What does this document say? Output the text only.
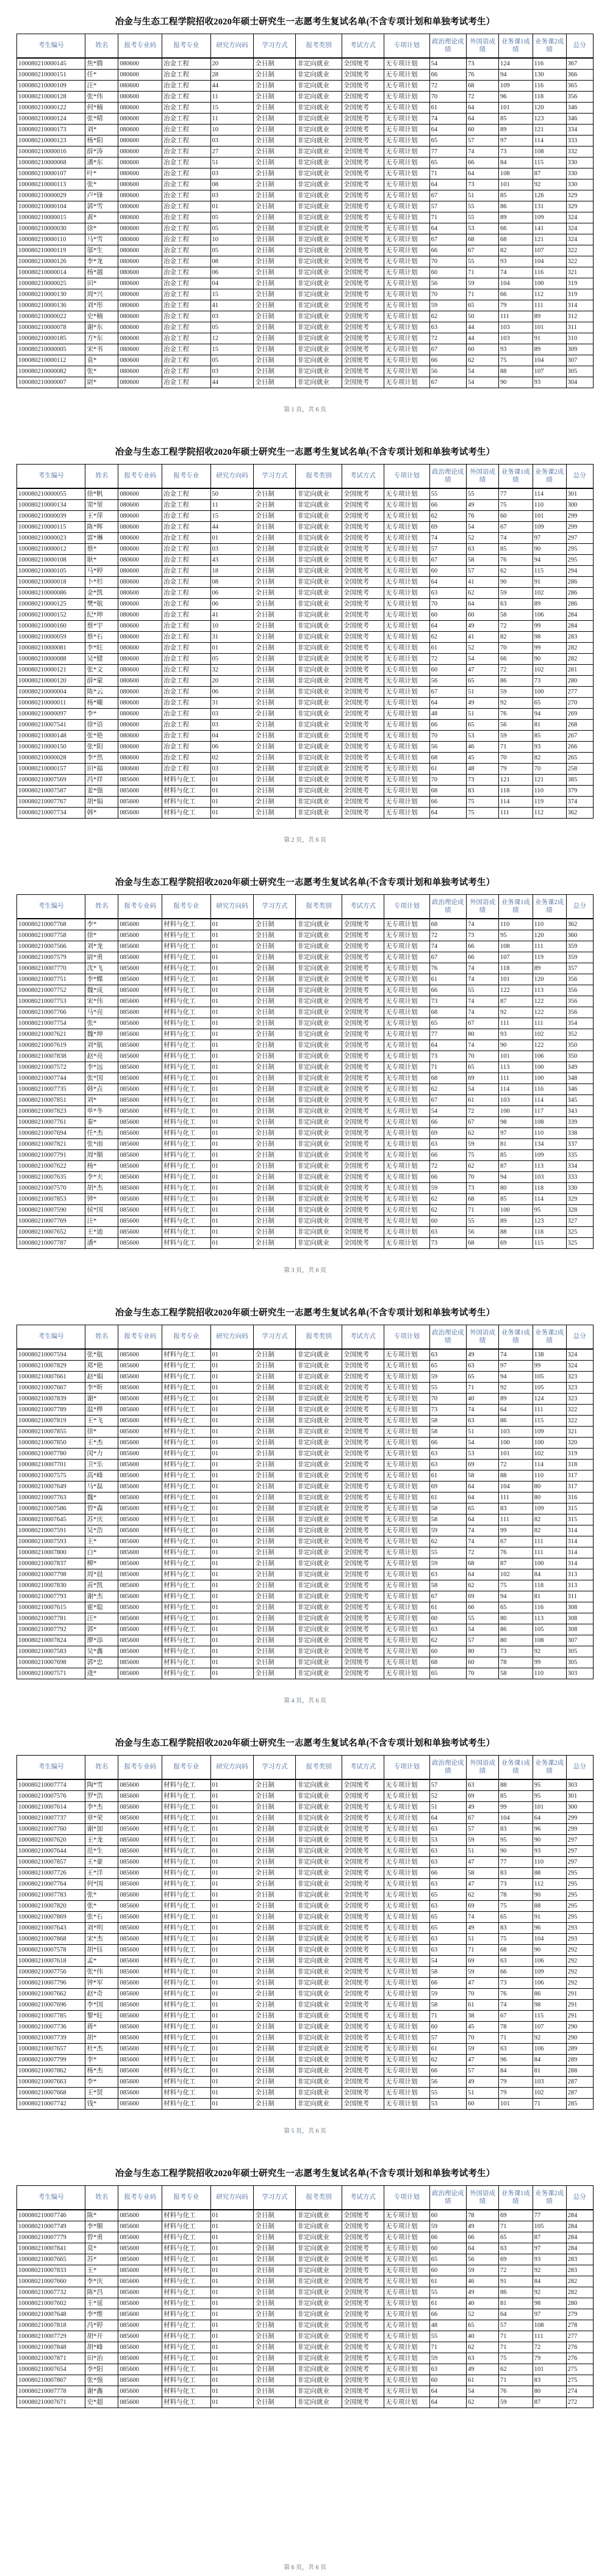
冶金与生态工程学院招收2020年硕士研究生一志愿考生复试名单(不含专项计划和单独考试考生）
考生编号	姓名	报考专业码	报考专业	研究方向码	学习方式	报考类别	考试方式	专项计划	政治理论成绩	外国语成绩	业务课1成绩	业务课2成绩	总分
100080210000145	焦*腾	080600	冶金工程	20	全日制	非定向就业	全国统考	无专项计划	54	73	124	116	367
100080210000151	任*	080600	冶金工程	28	全日制	非定向就业	全国统考	无专项计划	66	76	94	130	366
100080210000109	汪*	080600	冶金工程	44	全日制	非定向就业	全国统考	无专项计划	72	68	109	116	365
100080210000128	张*伟	080600	冶金工程	11	全日制	非定向就业	全国统考	无专项计划	70	72	96	118	356
100080210000122	何*楠	080600	冶金工程	15	全日制	非定向就业	全国统考	无专项计划	61	64	101	120	346
100080210000124	张*晴	080600	冶金工程	11	全日制	非定向就业	全国统考	无专项计划	74	64	85	123	346
100080210000173	刘*	080600	冶金工程	10	全日制	非定向就业	全国统考	无专项计划	64	60	89	121	334
100080210000123	杨*阳	080600	冶金工程	03	全日制	非定向就业	全国统考	无专项计划	65	57	97	114	333
100080210000016	薛*涛	080600	冶金工程	27	全日制	非定向就业	全国统考	无专项计划	77	74	73	108	332
100080210000068	潘*东	080600	冶金工程	51	全日制	非定向就业	全国统考	无专项计划	65	66	84	115	330
100080210000107	叶*	080600	冶金工程	03	全日制	非定向就业	全国统考	无专项计划	71	64	108	87	330
100080210000113	张*	080600	冶金工程	08	全日制	非定向就业	全国统考	无专项计划	64	73	101	92	330
100080210000029	卢*锋	080600	冶金工程	03	全日制	非定向就业	全国统考	无专项计划	67	51	85	126	329
100080210000104	郭*雪	080600	冶金工程	01	全日制	非定向就业	全国统考	无专项计划	57	55	86	131	329
100080210000015	黄*	080600	冶金工程	05	全日制	非定向就业	全国统考	无专项计划	71	55	89	109	324
100080210000030	徐*	080600	冶金工程	05	全日制	非定向就业	全国统考	无专项计划	64	53	66	141	324
100080210000110	马*雪	080600	冶金工程	10	全日制	非定向就业	全国统考	无专项计划	67	68	68	121	324
100080210000119	邬*生	080600	冶金工程	05	全日制	非定向就业	全国统考	无专项计划	66	67	82	107	322
100080210000126	李*龙	080600	冶金工程	08	全日制	非定向就业	全国统考	无专项计划	70	55	93	104	322
100080210000014	杨*越	080600	冶金工程	06	全日制	非定向就业	全国统考	无专项计划	60	71	74	116	321
100080210000025	田*	080600	冶金工程	04	全日制	非定向就业	全国统考	无专项计划	56	59	104	100	319
100080210000130	周*兴	080600	冶金工程	15	全日制	非定向就业	全国统考	无专项计划	70	71	66	112	319
100080210000136	刘*彤	080600	冶金工程	41	全日制	非定向就业	全国统考	无专项计划	59	65	79	111	314
100080210000022	史*楠	080600	冶金工程	03	全日制	非定向就业	全国统考	无专项计划	62	50	111	89	312
100080210000078	谢*东	080600	冶金工程	05	全日制	非定向就业	全国统考	无专项计划	63	44	103	101	311
100080210000185	方*东	080600	冶金工程	12	全日制	非定向就业	全国统考	无专项计划	72	44	103	91	310
100080210000005	宋*书	080600	冶金工程	15	全日制	非定向就业	全国统考	无专项计划	67	60	93	89	309
100080210000112	袁*	080600	冶金工程	05	全日制	非定向就业	全国统考	无专项计划	66	62	75	104	307
100080210000082	张*	080600	冶金工程	03	全日制	非定向就业	全国统考	无专项计划	56	54	88	107	305
100080210000007	尉*	080600	冶金工程	44	全日制	非定向就业	全国统考	无专项计划	67	54	90	93	304
第 1 页，共 6 页
冶金与生态工程学院招收2020年硕士研究生一志愿考生复试名单(不含专项计划和单独考试考生）
考生编号	姓名	报考专业码	报考专业	研究方向码	学习方式	报考类别	考试方式	专项计划	政治理论成绩	外国语成绩	业务课1成绩	业务课2成绩	总分
100080210000055	徐*帆	080600	冶金工程	50	全日制	非定向就业	全国统考	无专项计划	55	55	77	114	301
100080210000134	窦*堃	080600	冶金工程	11	全日制	非定向就业	全国统考	无专项计划	66	49	75	110	300
100080210000039	王*萍	080600	冶金工程	15	全日制	非定向就业	全国统考	无专项计划	62	76	60	101	299
100080210000115	陈*晖	080600	冶金工程	44	全日制	非定向就业	全国统考	无专项计划	69	54	67	109	299
100080210000023	雷*琳	080600	冶金工程	01	全日制	非定向就业	全国统考	无专项计划	74	52	74	97	297
100080210000012	蔡*	080600	冶金工程	03	全日制	非定向就业	全国统考	无专项计划	57	63	85	90	295
100080210000108	耿*	080600	冶金工程	43	全日制	非定向就业	全国统考	无专项计划	67	58	76	94	295
100080210000105	马*婷	080600	冶金工程	18	全日制	非定向就业	全国统考	无专项计划	60	57	62	115	294
100080210000018	卜*杉	080600	冶金工程	08	全日制	非定向就业	全国统考	无专项计划	64	41	90	91	286
100080210000086	金*凯	080600	冶金工程	06	全日制	非定向就业	全国统考	无专项计划	63	62	59	102	286
100080210000125	樊*航	080600	冶金工程	06	全日制	非定向就业	全国统考	无专项计划	70	64	63	89	286
100080210000152	纪*坤	080600	冶金工程	41	全日制	非定向就业	全国统考	无专项计划	60	60	58	106	284
100080210000160	蔡*宇	080600	冶金工程	10	全日制	非定向就业	全国统考	无专项计划	64	49	72	99	284
100080210000059	蔡*石	080600	冶金工程	31	全日制	非定向就业	全国统考	无专项计划	62	41	82	98	283
100080210000081	李*旺	080600	冶金工程	01	全日制	非定向就业	全国统考	无专项计划	61	52	70	99	282
100080210000088	吴*健	080600	冶金工程	05	全日制	非定向就业	全国统考	无专项计划	72	54	66	90	282
100080210000121	张*文	080600	冶金工程	32	全日制	非定向就业	全国统考	无专项计划	60	47	72	102	281
100080210000120	薛*蒙	080600	冶金工程	20	全日制	非定向就业	全国统考	无专项计划	56	65	86	73	280
100080210000004	陈*云	080600	冶金工程	06	全日制	非定向就业	全国统考	无专项计划	67	51	59	100	277
100080210000011	杨*曦	080600	冶金工程	31	全日制	非定向就业	全国统考	无专项计划	64	49	92	65	270
100080210000097	李*	080600	冶金工程	03	全日制	非定向就业	全国统考	无专项计划	48	51	76	94	269
100080210007541	徐*语	080600	冶金工程	03	全日制	非定向就业	全国统考	无专项计划	66	65	56	81	268
100080210000148	张*艳	080600	冶金工程	04	全日制	非定向就业	全国统考	无专项计划	70	53	59	85	267
100080210000150	张*阳	080600	冶金工程	06	全日制	非定向就业	全国统考	无专项计划	56	46	71	93	266
100080210000028	李*然	080600	冶金工程	02	全日制	非定向就业	全国统考	无专项计划	68	45	70	82	265
100080210000157	田*福	080600	冶金工程	03	全日制	非定向就业	全国统考	无专项计划	61	48	79	70	258
100080210007569	冯*祥	085600	材料与化工	01	全日制	非定向就业	全国统考	无专项计划	70	73	121	121	385
100080210007587	姜*强	085600	材料与化工	01	全日制	非定向就业	全国统考	无专项计划	68	83	118	110	379
100080210007767	胡*娟	085600	材料与化工	01	全日制	非定向就业	全国统考	无专项计划	66	75	114	119	374
100080210007734	韩*	085600	材料与化工	01	全日制	非定向就业	全国统考	无专项计划	64	75	111	112	362
第 2 页，共 6 页
冶金与生态工程学院招收2020年硕士研究生一志愿考生复试名单(不含专项计划和单独考试考生）
考生编号	姓名	报考专业码	报考专业	研究方向码	学习方式	报考类别	考试方式	专项计划	政治理论成绩	外国语成绩	业务课1成绩	业务课2成绩	总分
100080210007768	李*	085600	材料与化工	01	全日制	非定向就业	全国统考	无专项计划	68	74	110	110	362
100080210007758	徐*	085600	材料与化工	01	全日制	非定向就业	全国统考	无专项计划	72	73	95	120	360
100080210007566	刘*龙	085600	材料与化工	01	全日制	非定向就业	全国统考	无专项计划	74	66	108	111	359
100080210007579	尉*勇	085600	材料与化工	01	全日制	非定向就业	全国统考	无专项计划	67	66	107	119	359
100080210007770	沈*飞	085600	材料与化工	01	全日制	非定向就业	全国统考	无专项计划	76	74	118	89	357
100080210007751	李*蝶	085600	材料与化工	01	全日制	非定向就业	全国统考	无专项计划	61	74	101	120	356
100080210007752	魏*成	085600	材料与化工	01	全日制	非定向就业	全国统考	无专项计划	66	55	122	113	356
100080210007753	宋*伟	085600	材料与化工	01	全日制	非定向就业	全国统考	无专项计划	73	74	87	122	356
100080210007766	马*亮	085600	材料与化工	01	全日制	非定向就业	全国统考	无专项计划	68	74	92	122	356
100080210007754	张*	085600	材料与化工	01	全日制	非定向就业	全国统考	无专项计划	65	67	111	111	354
100080210007621	魏*坤	085600	材料与化工	01	全日制	非定向就业	全国统考	无专项计划	77	80	93	102	352
100080210007619	刘*航	085600	材料与化工	01	全日制	非定向就业	全国统考	无专项计划	64	74	90	122	350
100080210007838	赵*亮	085600	材料与化工	01	全日制	非定向就业	全国统考	无专项计划	73	70	101	106	350
100080210007572	李*远	085600	材料与化工	01	全日制	非定向就业	全国统考	无专项计划	71	65	113	100	349
100080210007744	张*国	085600	材料与化工	01	全日制	非定向就业	全国统考	无专项计划	68	69	111	100	348
100080210007735	韩*垚	085600	材料与化工	01	全日制	非定向就业	全国统考	无专项计划	62	54	114	116	346
100080210007851	刘*	085600	材料与化工	01	全日制	非定向就业	全国统考	无专项计划	67	61	103	114	345
100080210007823	单*冬	085600	材料与化工	01	全日制	非定向就业	全国统考	无专项计划	54	72	100	117	343
100080210007761	秦*	085600	材料与化工	01	全日制	非定向就业	全国统考	无专项计划	66	67	98	108	339
100080210007694	任*杰	085600	材料与化工	01	全日制	非定向就业	全国统考	无专项计划	69	62	97	110	338
100080210007821	张*雨	085600	材料与化工	01	全日制	非定向就业	全国统考	无专项计划	63	59	81	134	337
100080210007791	周*顺	085600	材料与化工	01	全日制	非定向就业	全国统考	无专项计划	66	75	85	109	335
100080210007622	杨*	085600	材料与化工	01	全日制	非定向就业	全国统考	无专项计划	72	62	87	113	334
100080210007635	李*天	085600	材料与化工	01	全日制	非定向就业	全国统考	无专项计划	66	70	94	103	333
100080210007570	胡*杰	085600	材料与化工	01	全日制	非定向就业	全国统考	无专项计划	59	73	80	118	330
100080210007853	钟*	085600	材料与化工	01	全日制	非定向就业	全国统考	无专项计划	62	68	85	114	329
100080210007590	侯*国	085600	材料与化工	01	全日制	非定向就业	全国统考	无专项计划	62	71	100	95	328
100080210007769	汪*	085600	材料与化工	01	全日制	非定向就业	全国统考	无专项计划	60	55	89	123	327
100080210007652	王*迪	085600	材料与化工	01	全日制	非定向就业	全国统考	无专项计划	63	56	88	118	325
100080210007787	潘*	085600	材料与化工	01	全日制	非定向就业	全国统考	无专项计划	73	68	69	115	325
第 3 页，共 6 页
冶金与生态工程学院招收2020年硕士研究生一志愿考生复试名单(不含专项计划和单独考试考生）
考生编号	姓名	报考专业码	报考专业	研究方向码	学习方式	报考类别	考试方式	专项计划	政治理论成绩	外国语成绩	业务课1成绩	业务课2成绩	总分
100080210007594	张*航	085600	材料与化工	01	全日制	非定向就业	全国统考	无专项计划	63	49	74	138	324
100080210007829	郑*艳	085600	材料与化工	01	全日制	非定向就业	全国统考	无专项计划	65	63	97	99	324
100080210007661	赵*娟	085600	材料与化工	01	全日制	非定向就业	全国统考	无专项计划	59	65	94	105	323
100080210007667	李*昕	085600	材料与化工	01	全日制	非定向就业	全国统考	无专项计划	55	71	92	105	323
100080210007839	谢*	085600	材料与化工	01	全日制	非定向就业	全国统考	无专项计划	70	40	89	124	323
100080210007789	温*桦	085600	材料与化工	01	全日制	非定向就业	全国统考	无专项计划	73	74	64	111	322
100080210007819	王*飞	085600	材料与化工	01	全日制	非定向就业	全国统考	无专项计划	58	63	86	115	322
100080210007855	徐*	085600	材料与化工	01	全日制	非定向就业	全国统考	无专项计划	58	51	103	109	321
100080210007850	王*杰	085600	材料与化工	01	全日制	非定向就业	全国统考	无专项计划	66	54	100	100	320
100080210007780	闵*力	085600	材料与化工	01	全日制	非定向就业	全国统考	无专项计划	63	53	101	102	319
100080210007701	卫*乐	085600	材料与化工	01	全日制	非定向就业	全国统考	无专项计划	63	69	72	114	318
100080210007575	高*峰	085600	材料与化工	01	全日制	非定向就业	全国统考	无专项计划	61	58	88	110	317
100080210007649	马*磊	085600	材料与化工	01	全日制	非定向就业	全国统考	无专项计划	69	64	104	80	317
100080210007763	魏*	085600	材料与化工	01	全日制	非定向就业	全国统考	无专项计划	61	64	111	80	316
100080210007586	曾*森	085600	材料与化工	01	全日制	非定向就业	全国统考	无专项计划	58	65	83	109	315
100080210007645	苏*庆	085600	材料与化工	01	全日制	非定向就业	全国统考	无专项计划	58	64	111	82	315
100080210007591	吴*浩	085600	材料与化工	01	全日制	非定向就业	全国统考	无专项计划	59	74	99	82	314
100080210007593	王*	085600	材料与化工	01	全日制	非定向就业	全国统考	无专项计划	62	74	67	111	314
100080210007800	白*	085600	材料与化工	01	全日制	非定向就业	全国统考	无专项计划	55	72	76	111	314
100080210007837	柳*	085600	材料与化工	01	全日制	非定向就业	全国统考	无专项计划	59	68	87	100	314
100080210007798	周*晨	085600	材料与化工	01	全日制	非定向就业	全国统考	无专项计划	63	64	102	84	313
100080210007830	苗*凯	085600	材料与化工	01	全日制	非定向就业	全国统考	无专项计划	58	62	75	118	313
100080210007793	谢*杰	085600	材料与化工	01	全日制	非定向就业	全国统考	无专项计划	67	69	94	81	311
100080210007615	霍*聪	085600	材料与化工	01	全日制	非定向就业	全国统考	无专项计划	61	66	65	116	308
100080210007781	汪*	085600	材料与化工	01	全日制	非定向就业	全国统考	无专项计划	60	55	80	113	308
100080210007792	郭*	085600	材料与化工	01	全日制	非定向就业	全国统考	无专项计划	63	54	86	105	308
100080210007824	廖*添	085600	材料与化工	01	全日制	非定向就业	全国统考	无专项计划	62	57	80	108	307
100080210007583	吴*鑫	085600	材料与化工	01	全日制	非定向就业	全国统考	无专项计划	60	80	73	92	305
100080210007698	郭*忠	085600	材料与化工	01	全日制	非定向就业	全国统考	无专项计划	68	60	78	99	305
100080210007571	逄*	085600	材料与化工	01	全日制	非定向就业	全国统考	无专项计划	65	70	58	110	303
第 4 页，共 6 页
冶金与生态工程学院招收2020年硕士研究生一志愿考生复试名单(不含专项计划和单独考试考生）
考生编号	姓名	报考专业码	报考专业	研究方向码	学习方式	报考类别	考试方式	专项计划	政治理论成绩	外国语成绩	业务课1成绩	业务课2成绩	总分
100080210007774	陶*雪	085600	材料与化工	01	全日制	非定向就业	全国统考	无专项计划	57	63	88	95	303
100080210007576	罗*浩	085600	材料与化工	01	全日制	非定向就业	全国统考	无专项计划	52	69	85	95	301
100080210007614	李*杰	085600	材料与化工	01	全日制	非定向就业	全国统考	无专项计划	51	49	99	101	300
100080210007737	章*荣	085600	材料与化工	01	全日制	非定向就业	全国统考	无专项计划	64	67	104	64	299
100080210007760	谢*加	085600	材料与化工	01	全日制	非定向就业	全国统考	无专项计划	63	57	83	96	299
100080210007620	王*龙	085600	材料与化工	01	全日制	非定向就业	全国统考	无专项计划	53	59	95	90	297
100080210007644	范*生	085600	材料与化工	01	全日制	非定向就业	全国统考	无专项计划	63	51	90	93	297
100080210007857	王*豪	085600	材料与化工	01	全日制	非定向就业	全国统考	无专项计划	63	47	77	110	297
100080210007726	王*洋	085600	材料与化工	01	全日制	非定向就业	全国统考	无专项计划	66	58	83	88	295
100080210007764	何*国	085600	材料与化工	01	全日制	非定向就业	全国统考	无专项计划	63	47	73	112	295
100080210007783	张*	085600	材料与化工	01	全日制	非定向就业	全国统考	无专项计划	65	62	78	90	295
100080210007820	张*	085600	材料与化工	01	全日制	非定向就业	全国统考	无专项计划	63	69	75	88	295
100080210007869	张*石	085600	材料与化工	01	全日制	非定向就业	全国统考	无专项计划	65	74	65	91	295
100080210007643	刘*明	085600	材料与化工	01	全日制	非定向就业	全国统考	无专项计划	65	49	83	96	293
100080210007868	宋*杰	085600	材料与化工	01	全日制	非定向就业	全国统考	无专项计划	63	51	75	104	293
100080210007578	胡*钰	085600	材料与化工	01	全日制	非定向就业	全国统考	无专项计划	63	71	68	90	292
100080210007618	孟*	085600	材料与化工	01	全日制	非定向就业	全国统考	无专项计划	54	69	63	106	292
100080210007756	张*伟	085600	材料与化工	01	全日制	非定向就业	全国统考	无专项计划	58	59	66	109	292
100080210007796	钟*军	085600	材料与化工	01	全日制	非定向就业	全国统考	无专项计划	66	47	73	106	292
100080210007662	赵*奇	085600	材料与化工	01	全日制	非定向就业	全国统考	无专项计划	59	70	76	86	291
100080210007696	李*国	085600	材料与化工	01	全日制	非定向就业	全国统考	无专项计划	58	61	74	98	291
100080210007785	黎*旺	085600	材料与化工	01	全日制	非定向就业	全国统考	无专项计划	71	38	67	115	291
100080210007736	蒋*	085600	材料与化工	01	全日制	非定向就业	全国统考	无专项计划	60	45	78	107	290
100080210007739	胡*	085600	材料与化工	01	全日制	非定向就业	全国统考	无专项计划	57	70	71	92	290
100080210007657	杜*杰	085600	材料与化工	01	全日制	非定向就业	全国统考	无专项计划	61	59	63	106	289
100080210007799	李*	085600	材料与化工	01	全日制	非定向就业	全国统考	无专项计划	62	47	96	84	289
100080210007862	杨*杰	085600	材料与化工	01	全日制	非定向就业	全国统考	无专项计划	66	57	84	81	288
100080210007663	李*	085600	材料与化工	01	全日制	非定向就业	全国统考	无专项计划	56	49	79	103	287
100080210007668	王*贤	085600	材料与化工	01	全日制	非定向就业	全国统考	无专项计划	55	51	79	102	287
100080210007742	钱*	085600	材料与化工	01	全日制	非定向就业	全国统考	无专项计划	53	60	101	71	285
第 5 页，共 6 页
冶金与生态工程学院招收2020年硕士研究生一志愿考生复试名单(不含专项计划和单独考试考生）
考生编号	姓名	报考专业码	报考专业	研究方向码	学习方式	报考类别	考试方式	专项计划	政治理论成绩	外国语成绩	业务课1成绩	业务课2成绩	总分
100080210007746	陈*	085600	材料与化工	01	全日制	非定向就业	全国统考	无专项计划	60	78	69	77	284
100080210007749	李*顺	085600	材料与化工	01	全日制	非定向就业	全国统考	无专项计划	59	49	71	105	284
100080210007779	曾*勇	085600	材料与化工	01	全日制	非定向就业	全国统考	无专项计划	66	66	65	87	284
100080210007841	莫*	085600	材料与化工	01	全日制	非定向就业	全国统考	无专项计划	60	64	63	97	284
100080210007665	苏*	085600	材料与化工	01	全日制	非定向就业	全国统考	无专项计划	65	56	69	93	283
100080210007833	王*	085600	材料与化工	01	全日制	非定向就业	全国统考	无专项计划	60	59	72	92	283
100080210007660	李*庆	085600	材料与化工	01	全日制	非定向就业	全国统考	无专项计划	61	46	91	84	282
100080210007732	陈*昌	085600	材料与化工	01	全日制	非定向就业	全国统考	无专项计划	55	49	86	92	282
100080210007602	王*延	085600	材料与化工	01	全日制	非定向就业	全国统考	无专项计划	61	40	81	98	280
100080210007648	李*维	085600	材料与化工	01	全日制	非定向就业	全国统考	无专项计划	66	52	64	97	279
100080210007818	冯*婷	085600	材料与化工	01	全日制	非定向就业	全国统考	无专项计划	48	65	57	108	278
100080210007729	胡*开	085600	材料与化工	01	全日制	非定向就业	全国统考	无专项计划	55	40	71	111	277
100080210007848	胡*峰	085600	材料与化工	01	全日制	非定向就业	全国统考	无专项计划	71	62	71	72	276
100080210007871	田*治	085600	材料与化工	01	全日制	非定向就业	全国统考	无专项计划	59	63	75	79	276
100080210007654	李*阳	085600	材料与化工	01	全日制	非定向就业	全国统考	无专项计划	63	49	62	101	275
100080210007867	张*强	085600	材料与化工	01	全日制	非定向就业	全国统考	无专项计划	60	61	71	83	275
100080210007778	谢*鑫	085600	材料与化工	01	全日制	非定向就业	全国统考	无专项计划	64	54	76	80	274
100080210007671	史*超	085600	材料与化工	01	全日制	非定向就业	全国统考	无专项计划	64	62	59	87	272
第 6 页，共 6 页
